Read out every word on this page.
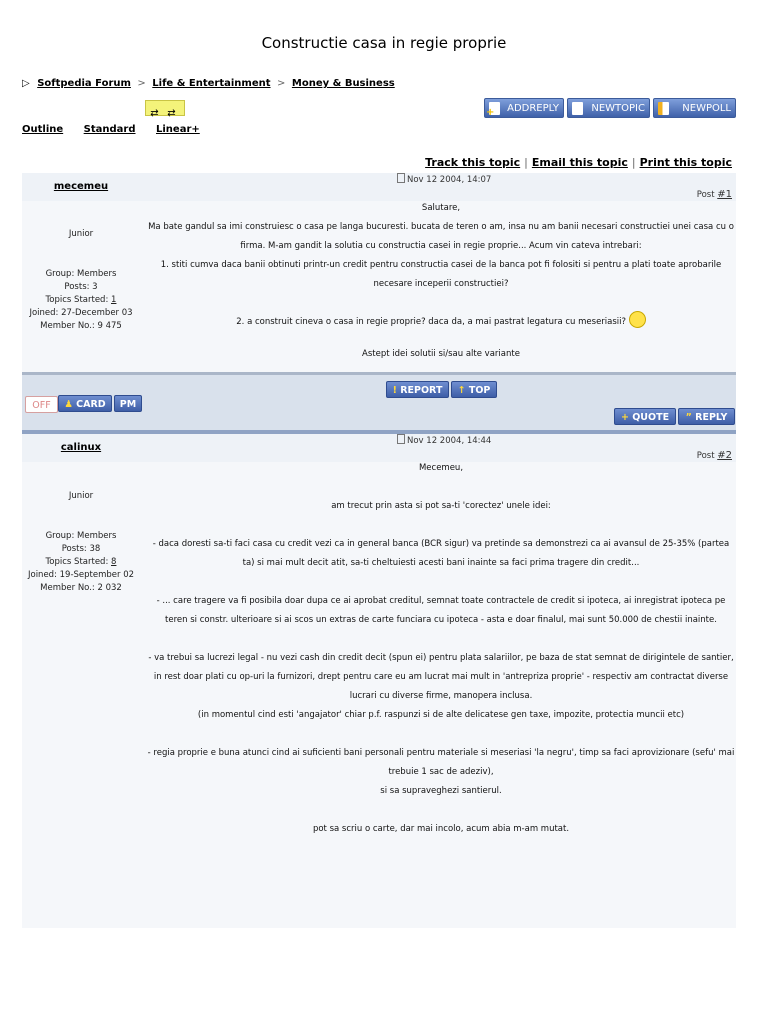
Constructie casa in regie proprie
▷ Softpedia Forum > Life & Entertainment > Money & Business
⇄ ⇄
Outline Standard Linear+
+
ADDREPLY	NEWTOPIC	NEWPOLL
Track this topic | Email this topic | Print this topic
mecemeu
Nov 12 2004, 14:07
Post #1
Junior
Group: Members
Posts: 3
Topics Started: 1
Joined: 27-December 03
Member No.: 9 475

Salutare,

Ma bate gandul sa imi construiesc o casa pe langa bucuresti. bucata de teren o am, insa nu am banii necesari constructiei unei casa cu o firma. M-am gandit la solutia cu constructia casei in regie proprie... Acum vin cateva intrebari:

1. stiti cumva daca banii obtinuti printr-un credit pentru constructia casei de la banca pot fi folositi si pentru a plati toate aprobarile necesare inceperii constructiei?

2. a construit cineva o casa in regie proprie? daca da, a mai pastrat legatura cu meseriasii?

Astept idei solutii si/sau alte variante

OFF	♟ CARD	PM
! REPORT	↑ TOP
+ QUOTE	” REPLY
calinux
Nov 12 2004, 14:44
Post #2
Junior
Group: Members
Posts: 38
Topics Started: 8
Joined: 19-September 02
Member No.: 2 032

Mecemeu,

am trecut prin asta si pot sa-ti 'corectez' unele idei:

- daca doresti sa-ti faci casa cu credit vezi ca in general banca (BCR sigur) va pretinde sa demonstrezi ca ai avansul de 25-35% (partea ta) si mai mult decit atit, sa-ti cheltuiesti acesti bani inainte sa faci prima tragere din credit...

- ... care tragere va fi posibila doar dupa ce ai aprobat creditul, semnat toate contractele de credit si ipoteca, ai inregistrat ipoteca pe teren si constr. ulterioare si ai scos un extras de carte funciara cu ipoteca - asta e doar finalul, mai sunt 50.000 de chestii inainte.

- va trebui sa lucrezi legal - nu vezi cash din credit decit (spun ei) pentru plata salariilor, pe baza de stat semnat de dirigintele de santier, in rest doar plati cu op-uri la furnizori, drept pentru care eu am lucrat mai mult in 'antrepriza proprie' - respectiv am contractat diverse lucrari cu diverse firme, manopera inclusa.

(in momentul cind esti 'angajator' chiar p.f. raspunzi si de alte delicatese gen taxe, impozite, protectia muncii etc)

- regia proprie e buna atunci cind ai suficienti bani personali pentru materiale si meseriasi 'la negru', timp sa faci aprovizionare (sefu' mai trebuie 1 sac de adeziv),

si sa supraveghezi santierul.

pot sa scriu o carte, dar mai incolo, acum abia m-am mutat.
